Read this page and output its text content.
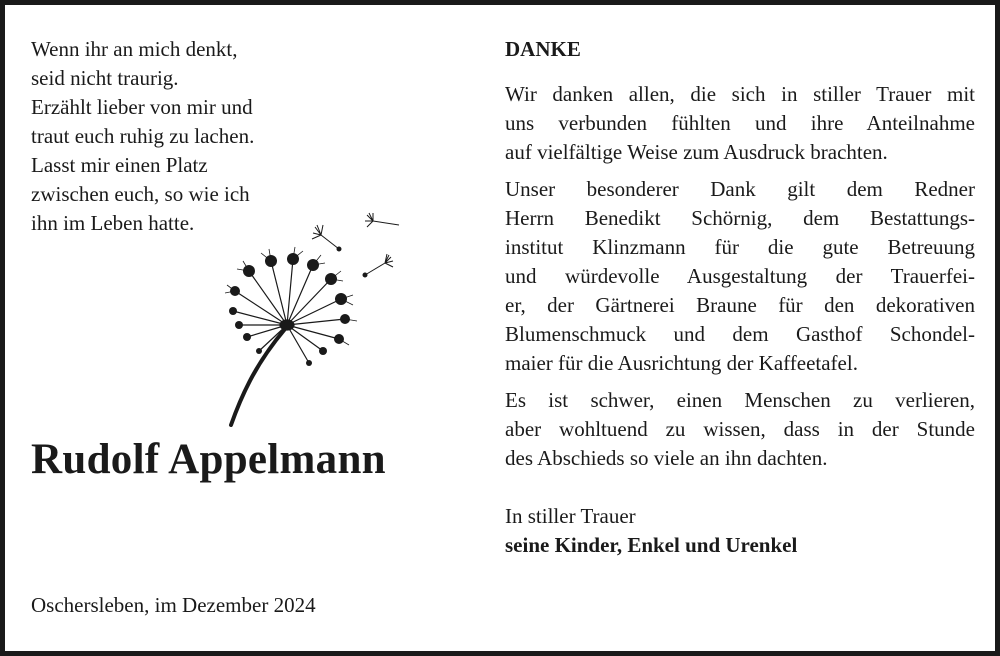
Wenn ihr an mich denkt,
seid nicht traurig.
Erzählt lieber von mir und
traut euch ruhig zu lachen.
Lasst mir einen Platz
zwischen euch, so wie ich
ihn im Leben hatte.
Rudolf Appelmann

Oschersleben, im Dezember 2024

DANKE

Wir danken allen, die sich in stiller Trauer mit
uns verbunden fühlten und ihre Anteilnahme
auf vielfältige Weise zum Ausdruck brachten.

Unser besonderer Dank gilt dem Redner
Herrn Benedikt Schörnig, dem Bestattungs-
institut Klinzmann für die gute Betreuung
und würdevolle Ausgestaltung der Trauerfei-
er, der Gärtnerei Braune für den dekorativen
Blumenschmuck und dem Gasthof Schondel-
maier für die Ausrichtung der Kaffeetafel.

Es ist schwer, einen Menschen zu verlieren,
aber wohltuend zu wissen, dass in der Stunde
des Abschieds so viele an ihn dachten.

In stiller Trauer
seine Kinder, Enkel und Urenkel
